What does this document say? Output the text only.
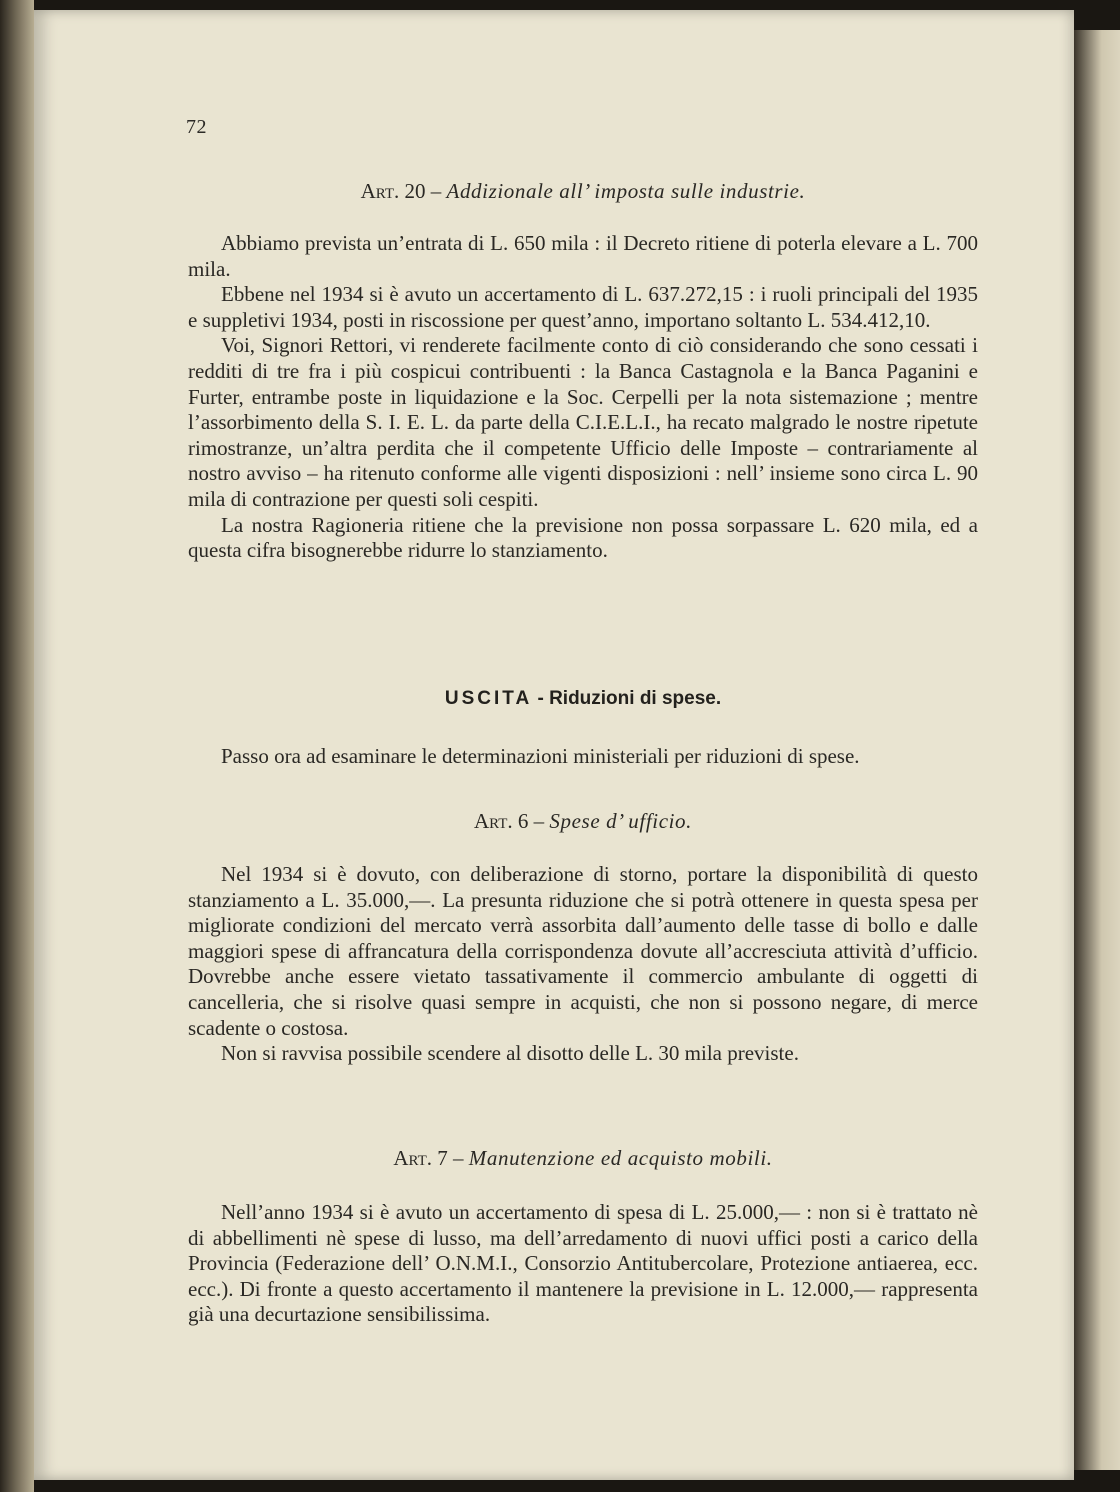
72
Art. 20 – Addizionale all’ imposta sulle industrie.

Abbiamo prevista un’entrata di L. 650 mila : il Decreto ritiene di poterla elevare a L. 700 mila.

Ebbene nel 1934 si è avuto un accertamento di L. 637.272,15 : i ruoli principali del 1935 e suppletivi 1934, posti in riscossione per quest’anno, importano soltanto L. 534.412,10.

Voi, Signori Rettori, vi renderete facilmente conto di ciò considerando che sono cessati i redditi di tre fra i più cospicui contribuenti : la Banca Castagnola e la Banca Paganini e Furter, entrambe poste in liquidazione e la Soc. Cerpelli per la nota sistemazione ; mentre l’assorbimento della S. I. E. L. da parte della C.I.E.L.I., ha recato malgrado le nostre ripetute rimostranze, un’altra perdita che il competente Ufficio delle Imposte – contrariamente al nostro avviso – ha ritenuto conforme alle vigenti disposizioni : nell’ insieme sono circa L. 90 mila di contrazione per questi soli cespiti.

La nostra Ragioneria ritiene che la previsione non possa sorpassare L. 620 mila, ed a questa cifra bisognerebbe ridurre lo stanziamento.

USCITA - Riduzioni di spese.

Passo ora ad esaminare le determinazioni ministeriali per riduzioni di spese.

Art. 6 – Spese d’ ufficio.

Nel 1934 si è dovuto, con deliberazione di storno, portare la disponibilità di questo stanziamento a L. 35.000,—. La presunta riduzione che si potrà ottenere in questa spesa per migliorate condizioni del mercato verrà assorbita dall’aumento delle tasse di bollo e dalle maggiori spese di affrancatura della corrispondenza dovute all’accresciuta attività d’ufficio. Dovrebbe anche essere vietato tassativamente il commercio ambulante di oggetti di cancelleria, che si risolve quasi sempre in acquisti, che non si possono negare, di merce scadente o costosa.

Non si ravvisa possibile scendere al disotto delle L. 30 mila previste.

Art. 7 – Manutenzione ed acquisto mobili.

Nell’anno 1934 si è avuto un accertamento di spesa di L. 25.000,— : non si è trattato nè di abbellimenti nè spese di lusso, ma dell’arredamento di nuovi uffici posti a carico della Provincia (Federazione dell’ O.N.M.I., Consorzio Antitubercolare, Protezione antiaerea, ecc. ecc.). Di fronte a questo accertamento il mantenere la previsione in L. 12.000,— rappresenta già una decurtazione sensibilissima.
